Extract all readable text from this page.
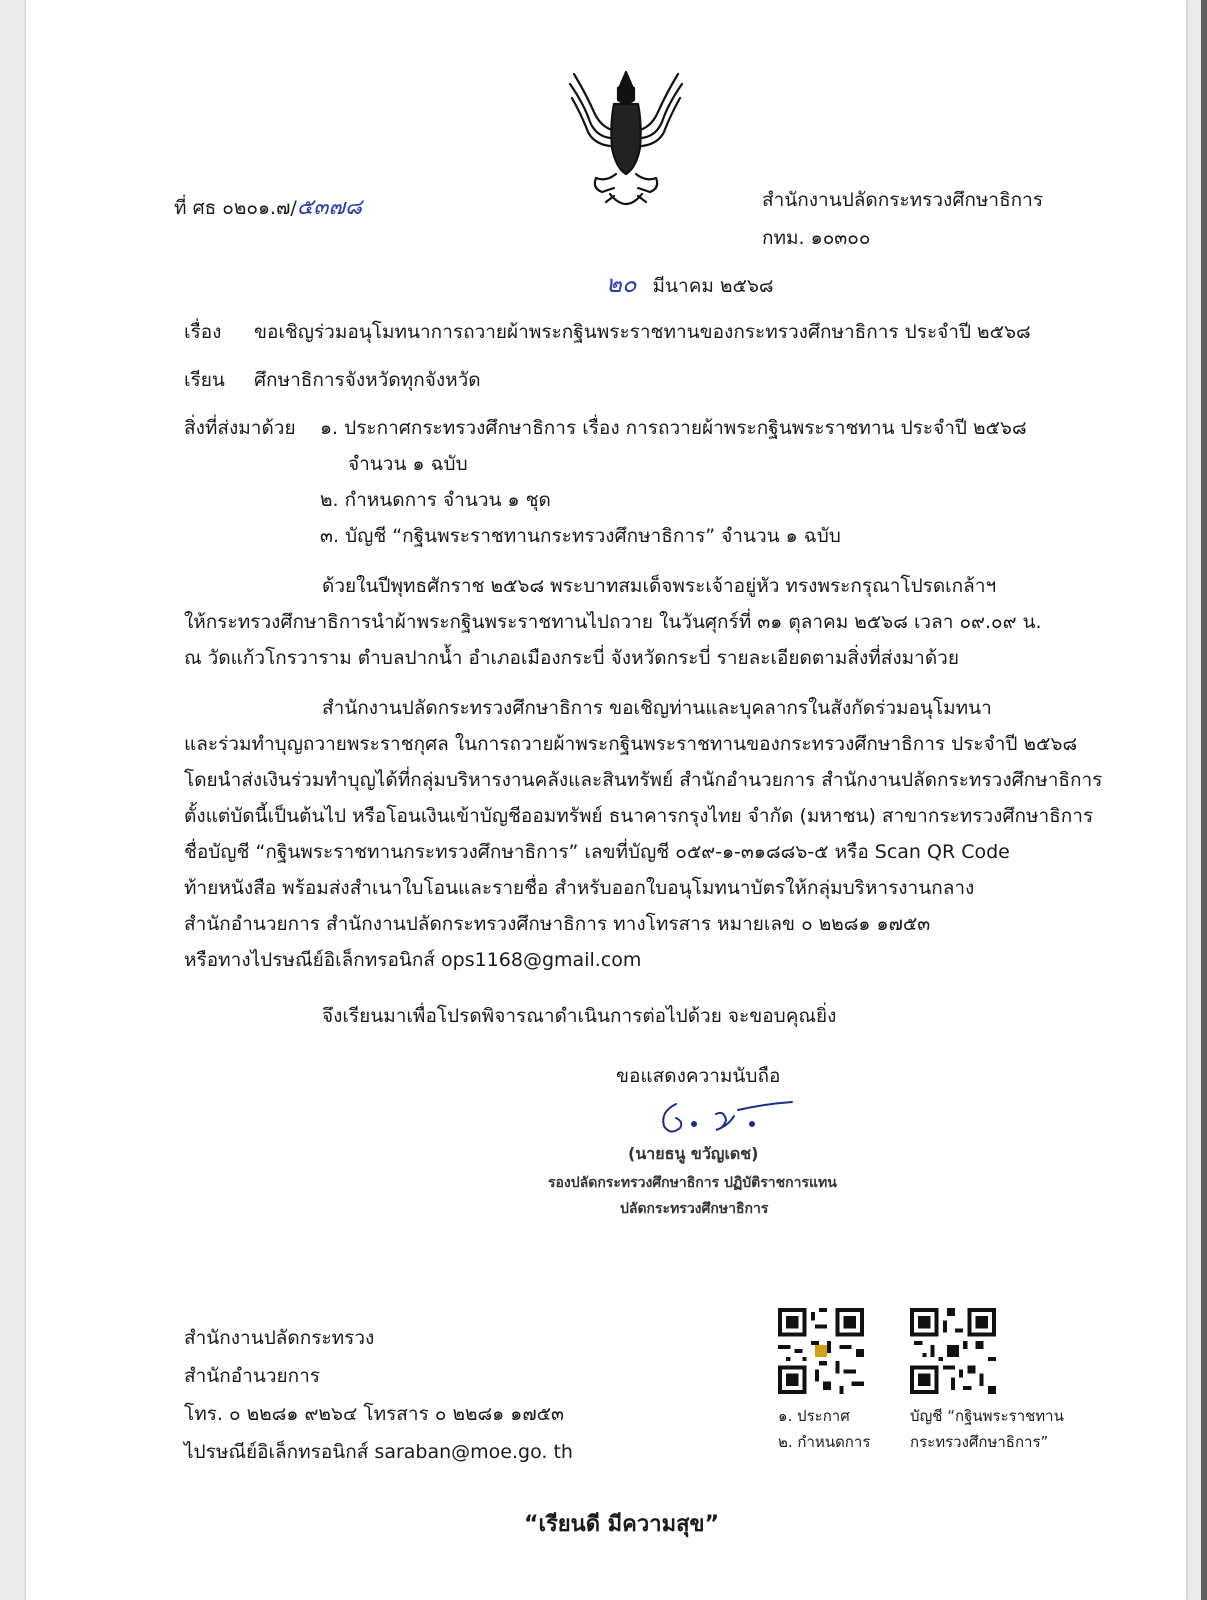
ที่ ศธ ๐๒๐๑.๗/๕๓๗๘	สำนักงานปลัดกระทรวงศึกษาธิการ
กทม. ๑๐๓๐๐
๒๐ มีนาคม ๒๕๖๘
เรื่อง ขอเชิญร่วมอนุโมทนาการถวายผ้าพระกฐินพระราชทานของกระทรวงศึกษาธิการ ประจำปี ๒๕๖๘
เรียน ศึกษาธิการจังหวัดทุกจังหวัด
สิ่งที่ส่งมาด้วย ๑. ประกาศกระทรวงศึกษาธิการ เรื่อง การถวายผ้าพระกฐินพระราชทาน ประจำปี ๒๕๖๘
จำนวน ๑ ฉบับ
๒. กำหนดการ จำนวน ๑ ชุด
๓. บัญชี “กฐินพระราชทานกระทรวงศึกษาธิการ” จำนวน ๑ ฉบับ
ด้วยในปีพุทธศักราช ๒๕๖๘ พระบาทสมเด็จพระเจ้าอยู่หัว ทรงพระกรุณาโปรดเกล้าฯ
ให้กระทรวงศึกษาธิการนำผ้าพระกฐินพระราชทานไปถวาย ในวันศุกร์ที่ ๓๑ ตุลาคม ๒๕๖๘ เวลา ๐๙.๐๙ น.
ณ วัดแก้วโกรวาราม ตำบลปากน้ำ อำเภอเมืองกระบี่ จังหวัดกระบี่ รายละเอียดตามสิ่งที่ส่งมาด้วย
สำนักงานปลัดกระทรวงศึกษาธิการ ขอเชิญท่านและบุคลากรในสังกัดร่วมอนุโมทนา
และร่วมทำบุญถวายพระราชกุศล ในการถวายผ้าพระกฐินพระราชทานของกระทรวงศึกษาธิการ ประจำปี ๒๕๖๘
โดยนำส่งเงินร่วมทำบุญได้ที่กลุ่มบริหารงานคลังและสินทรัพย์ สำนักอำนวยการ สำนักงานปลัดกระทรวงศึกษาธิการ
ตั้งแต่บัดนี้เป็นต้นไป หรือโอนเงินเข้าบัญชีออมทรัพย์ ธนาคารกรุงไทย จำกัด (มหาชน) สาขากระทรวงศึกษาธิการ
ชื่อบัญชี “กฐินพระราชทานกระทรวงศึกษาธิการ” เลขที่บัญชี ๐๕๙-๑-๓๑๘๘๖-๕ หรือ Scan QR Code
ท้ายหนังสือ พร้อมส่งสำเนาใบโอนและรายชื่อ สำหรับออกใบอนุโมทนาบัตรให้กลุ่มบริหารงานกลาง
สำนักอำนวยการ สำนักงานปลัดกระทรวงศึกษาธิการ ทางโทรสาร หมายเลข ๐ ๒๒๘๑ ๑๗๕๓
หรือทางไปรษณีย์อิเล็กทรอนิกส์ ops1168@gmail.com
จึงเรียนมาเพื่อโปรดพิจารณาดำเนินการต่อไปด้วย จะขอบคุณยิ่ง
ขอแสดงความนับถือ
(นายธนู ขวัญเดช)
รองปลัดกระทรวงศึกษาธิการ ปฏิบัติราชการแทน
ปลัดกระทรวงศึกษาธิการ
สำนักงานปลัดกระทรวง
สำนักอำนวยการ
โทร. ๐ ๒๒๘๑ ๙๒๖๔ โทรสาร ๐ ๒๒๘๑ ๑๗๕๓
ไปรษณีย์อิเล็กทรอนิกส์ saraban@moe.go. th
๑. ประกาศ
๒. กำหนดการ
บัญชี “กฐินพระราชทาน
กระทรวงศึกษาธิการ”
“เรียนดี มีความสุข”
